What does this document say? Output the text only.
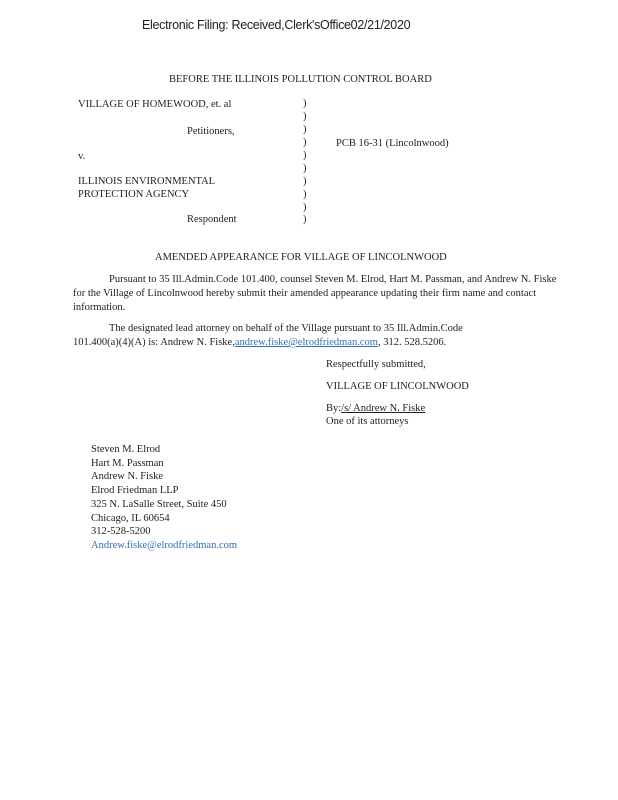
Electronic Filing: Received,Clerk'sOffice02/21/2020
BEFORE THE ILLINOIS POLLUTION CONTROL BOARD
VILLAGE OF HOMEWOOD, et. al
Petitioners,
v.
ILLINOIS ENVIRONMENTAL
PROTECTION AGENCY
Respondent
)
)
)
)
)
)
)
)
)
)
PCB 16-31 (Lincolnwood)
AMENDED APPEARANCE FOR VILLAGE OF LINCOLNWOOD
Pursuant to 35 Ill.Admin.Code 101.400, counsel Steven M. Elrod, Hart M. Passman, and Andrew N. Fiske for the Village of Lincolnwood hereby submit their amended appearance updating their firm name and contact information.
The designated lead attorney on behalf of the Village pursuant to 35 Ill.Admin.Code
101.400(a)(4)(A) is: Andrew N. Fiske,andrew.fiske@elrodfriedman.com, 312. 528.5206.
Respectfully submitted,
VILLAGE OF LINCOLNWOOD
By:/s/ Andrew N. Fiske
One of its attorneys
Steven M. Elrod
Hart M. Passman
Andrew N. Fiske
Elrod Friedman LLP
325 N. LaSalle Street, Suite 450
Chicago, IL 60654
312-528-5200
Andrew.fiske@elrodfriedman.com
